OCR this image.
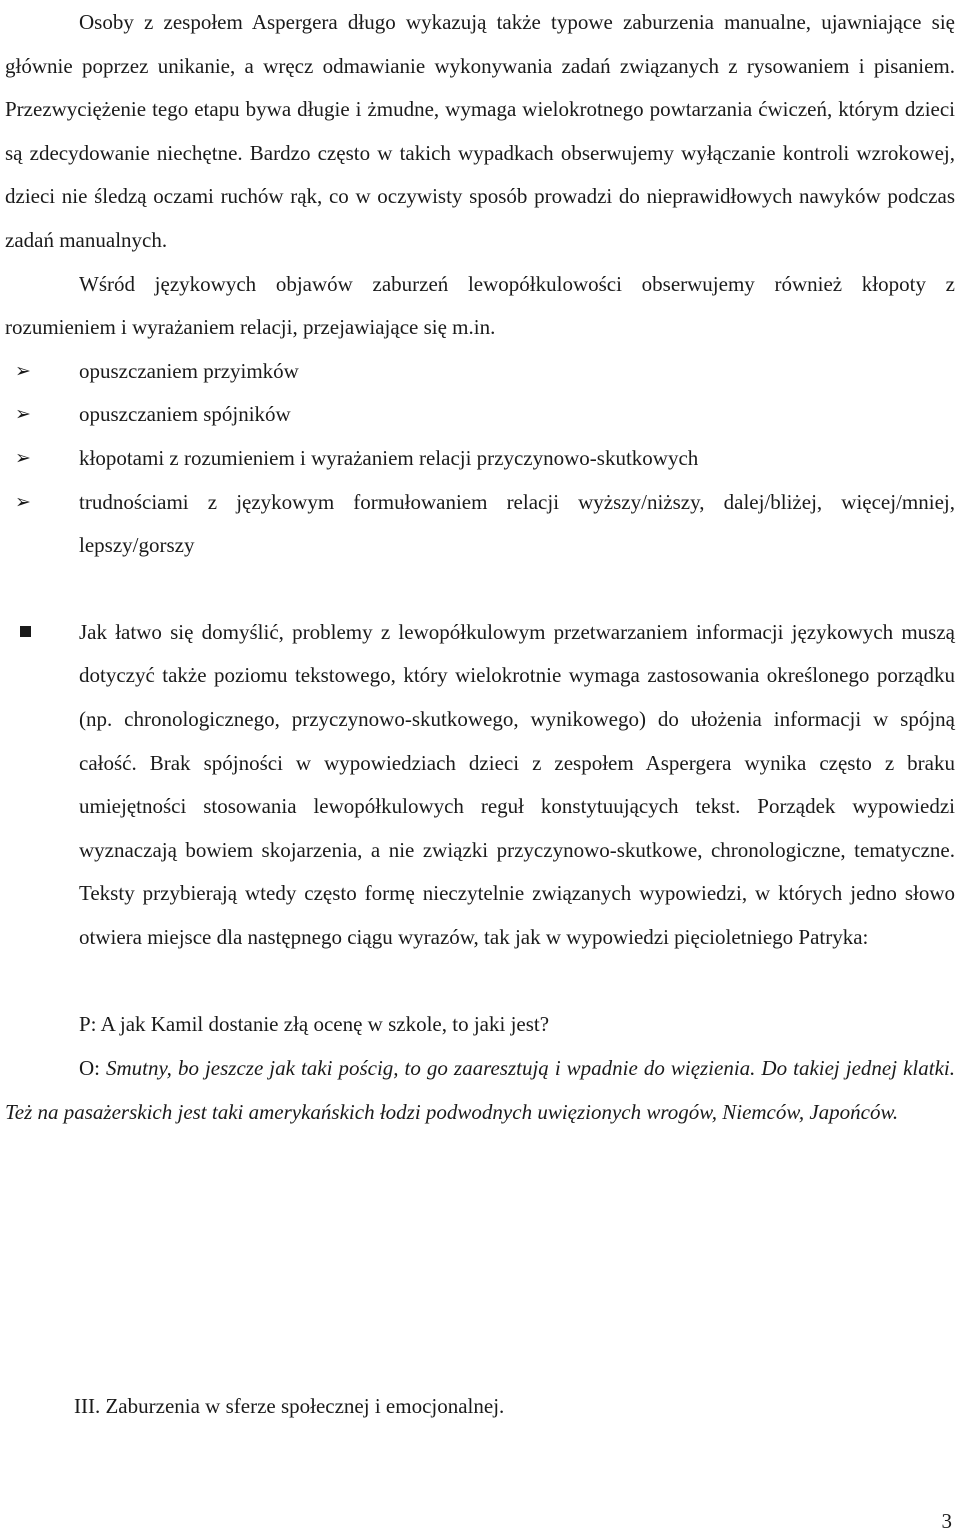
Osoby z zespołem Aspergera długo wykazują także typowe zaburzenia manualne, ujawniające się głównie poprzez unikanie, a wręcz odmawianie wykonywania zadań związanych z rysowaniem i pisaniem. Przezwyciężenie tego etapu bywa długie i żmudne, wymaga wielokrotnego powtarzania ćwiczeń, którym dzieci są zdecydowanie niechętne. Bardzo często w takich wypadkach obserwujemy wyłączanie kontroli wzrokowej, dzieci nie śledzą oczami ruchów rąk, co w oczywisty sposób prowadzi do nieprawidłowych nawyków podczas zadań manualnych.

Wśród językowych objawów zaburzeń lewopółkulowości obserwujemy również kłopoty z rozumieniem i wyrażaniem relacji, przejawiające się m.in.

➢ opuszczaniem przyimków
➢ opuszczaniem spójników
➢ kłopotami z rozumieniem i wyrażaniem relacji przyczynowo-skutkowych
➢ trudnościami z językowym formułowaniem relacji wyższy/niższy, dalej/bliżej, więcej/mniej, lepszy/gorszy

Jak łatwo się domyślić, problemy z lewopółkulowym przetwarzaniem informacji językowych muszą dotyczyć także poziomu tekstowego, który wielokrotnie wymaga zastosowania określonego porządku (np. chronologicznego, przyczynowo-skutkowego, wynikowego) do ułożenia informacji w spójną całość. Brak spójności w wypowiedziach dzieci z zespołem Aspergera wynika często z braku umiejętności stosowania lewopółkulowych reguł konstytuujących tekst. Porządek wypowiedzi wyznaczają bowiem skojarzenia, a nie związki przyczynowo-skutkowe, chronologiczne, tematyczne. Teksty przybierają wtedy często formę nieczytelnie związanych wypowiedzi, w których jedno słowo otwiera miejsce dla następnego ciągu wyrazów, tak jak w wypowiedzi pięcioletniego Patryka:

P: A jak Kamil dostanie złą ocenę w szkole, to jaki jest?

O: Smutny, bo jeszcze jak taki pościg, to go zaaresztują i wpadnie do więzienia. Do takiej jednej klatki. Też na pasażerskich jest taki amerykańskich łodzi podwodnych uwięzionych wrogów, Niemców, Japońców.

III. Zaburzenia w sferze społecznej i emocjonalnej.

3
